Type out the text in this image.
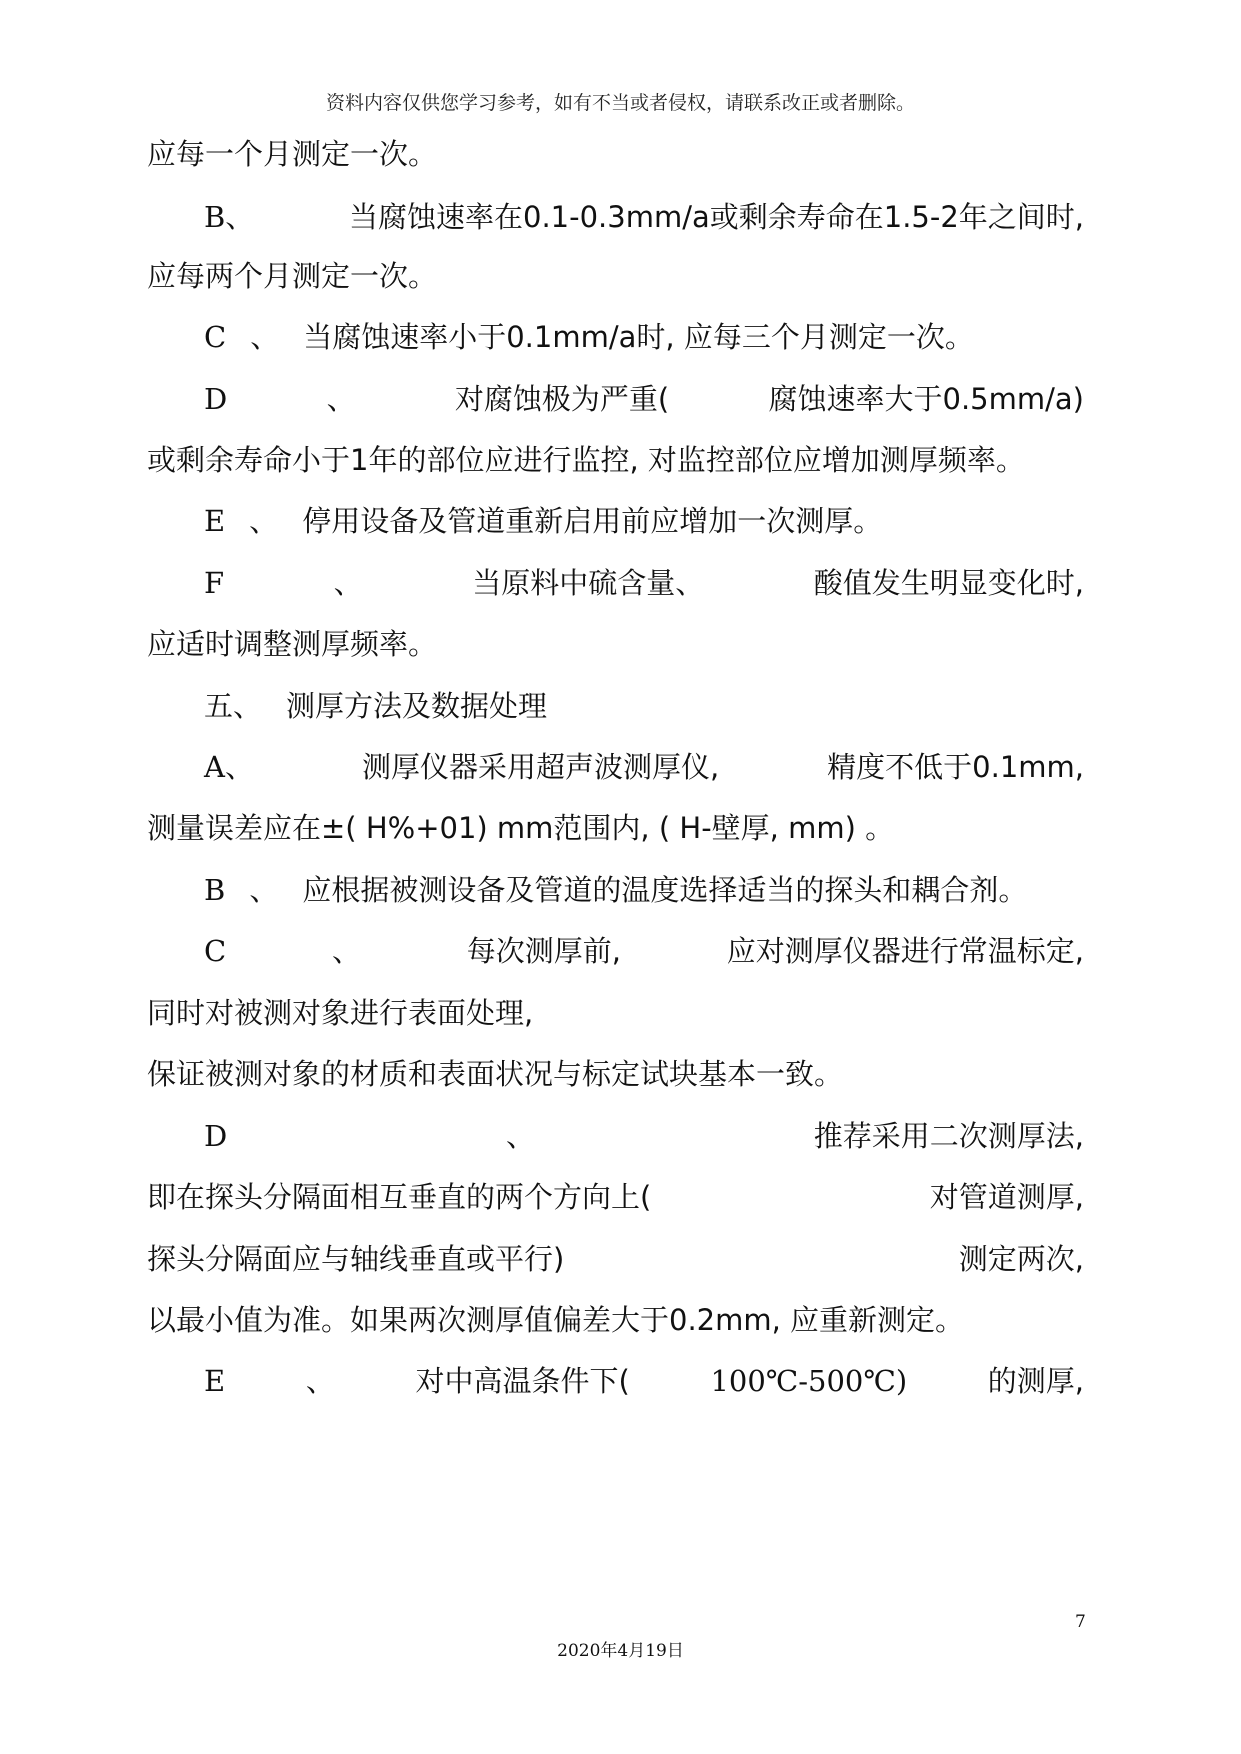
资料内容仅供您学习参考，如有不当或者侵权，请联系改正或者删除。
应每一个月测定一次。
B、	当腐蚀速率在0.1-0.3mm/a或剩余寿命在1.5-2年之间时,
应每两个月测定一次。
C 、 当腐蚀速率小于0.1mm/a时, 应每三个月测定一次。
D	、	对腐蚀极为严重(	腐蚀速率大于0.5mm/a)
或剩余寿命小于1年的部位应进行监控, 对监控部位应增加测厚频率。
E 、 停用设备及管道重新启用前应增加一次测厚。
F	、	当原料中硫含量、	酸值发生明显变化时,
应适时调整测厚频率。
五、 测厚方法及数据处理
A、	测厚仪器采用超声波测厚仪,	精度不低于0.1mm,
测量误差应在±( H%+01) mm范围内, ( H-壁厚, mm) 。
B 、 应根据被测设备及管道的温度选择适当的探头和耦合剂。
C	、	每次测厚前,	应对测厚仪器进行常温标定,
同时对被测对象进行表面处理,
保证被测对象的材质和表面状况与标定试块基本一致。
D	、	推荐采用二次测厚法,
即在探头分隔面相互垂直的两个方向上(	对管道测厚,
探头分隔面应与轴线垂直或平行)	测定两次,
以最小值为准。如果两次测厚值偏差大于0.2mm, 应重新测定。
E	、	对中高温条件下(	100℃-500℃)	的测厚,
7
2020年4月19日
